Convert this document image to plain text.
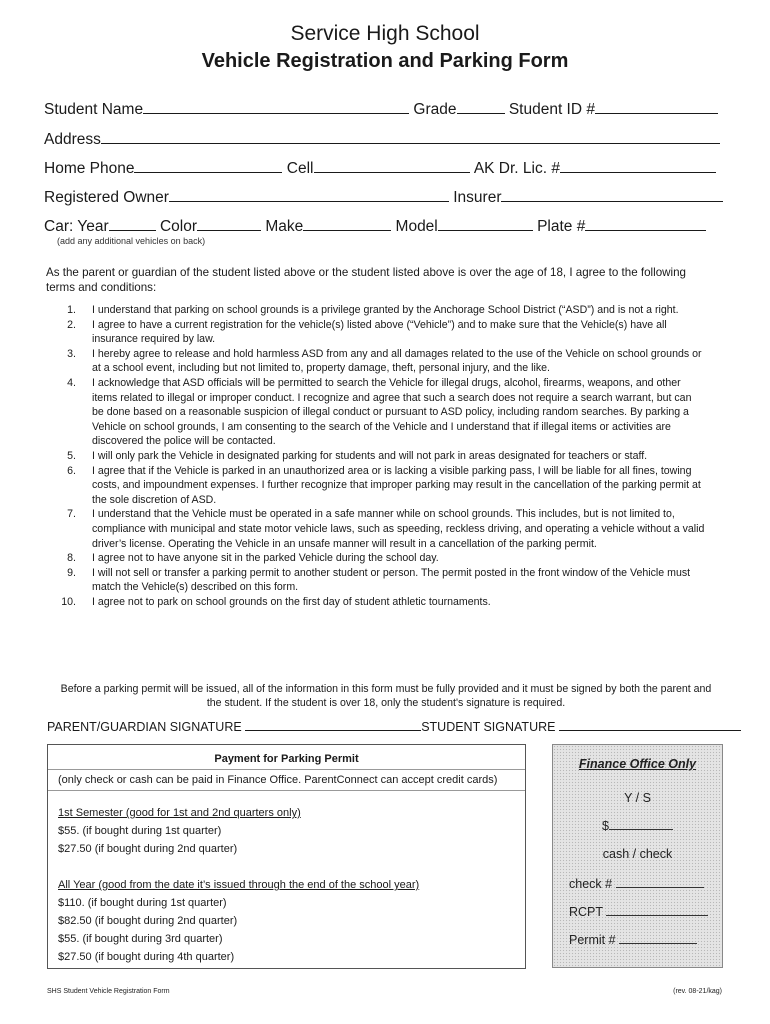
Service High School
Vehicle Registration and Parking Form
Student Name	Grade	Student ID #
Address
Home Phone	Cell	AK Dr. Lic. #
Registered Owner	Insurer
Car: Year	Color	Make	Model	Plate #
(add any additional vehicles on back)
As the parent or guardian of the student listed above or the student listed above is over the age of 18, I agree to the following terms and conditions:
1. I understand that parking on school grounds is a privilege granted by the Anchorage School District (“ASD”) and is not a right.
2. I agree to have a current registration for the vehicle(s) listed above (“Vehicle”) and to make sure that the Vehicle(s) have all insurance required by law.
3. I hereby agree to release and hold harmless ASD from any and all damages related to the use of the Vehicle on school grounds or at a school event, including but not limited to, property damage, theft, personal injury, and the like.
4. I acknowledge that ASD officials will be permitted to search the Vehicle for illegal drugs, alcohol, firearms, weapons, and other items related to illegal or improper conduct. I recognize and agree that such a search does not require a search warrant, but can be done based on a reasonable suspicion of illegal conduct or pursuant to ASD policy, including random searches. By parking a Vehicle on school grounds, I am consenting to the search of the Vehicle and I understand that if illegal items or activities are discovered the police will be contacted.
5. I will only park the Vehicle in designated parking for students and will not park in areas designated for teachers or staff.
6. I agree that if the Vehicle is parked in an unauthorized area or is lacking a visible parking pass, I will be liable for all fines, towing costs, and impoundment expenses. I further recognize that improper parking may result in the cancellation of the parking permit at the sole discretion of ASD.
7. I understand that the Vehicle must be operated in a safe manner while on school grounds. This includes, but is not limited to, compliance with municipal and state motor vehicle laws, such as speeding, reckless driving, and operating a vehicle without a valid driver’s license. Operating the Vehicle in an unsafe manner will result in a cancellation of the parking permit.
8. I agree not to have anyone sit in the parked Vehicle during the school day.
9. I will not sell or transfer a parking permit to another student or person. The permit posted in the front window of the Vehicle must match the Vehicle(s) described on this form.
10. I agree not to park on school grounds on the first day of student athletic tournaments.
Before a parking permit will be issued, all of the information in this form must be fully provided and it must be signed by both the parent and the student. If the student is over 18, only the student's signature is required.
PARENT/GUARDIAN SIGNATURE	STUDENT SIGNATURE
Payment for Parking Permit
(only check or cash can be paid in Finance Office. ParentConnect can accept credit cards)
1st Semester (good for 1st and 2nd quarters only)
$55. (if bought during 1st quarter)
$27.50 (if bought during 2nd quarter)
All Year (good from the date it’s issued through the end of the school year)
$110. (if bought during 1st quarter)
$82.50 (if bought during 2nd quarter)
$55. (if bought during 3rd quarter)
$27.50 (if bought during 4th quarter)
Finance Office Only
Y / S
$
cash / check
check #
RCPT
Permit #
SHS Student Vehicle Registration Form	(rev. 08-21/kag)
